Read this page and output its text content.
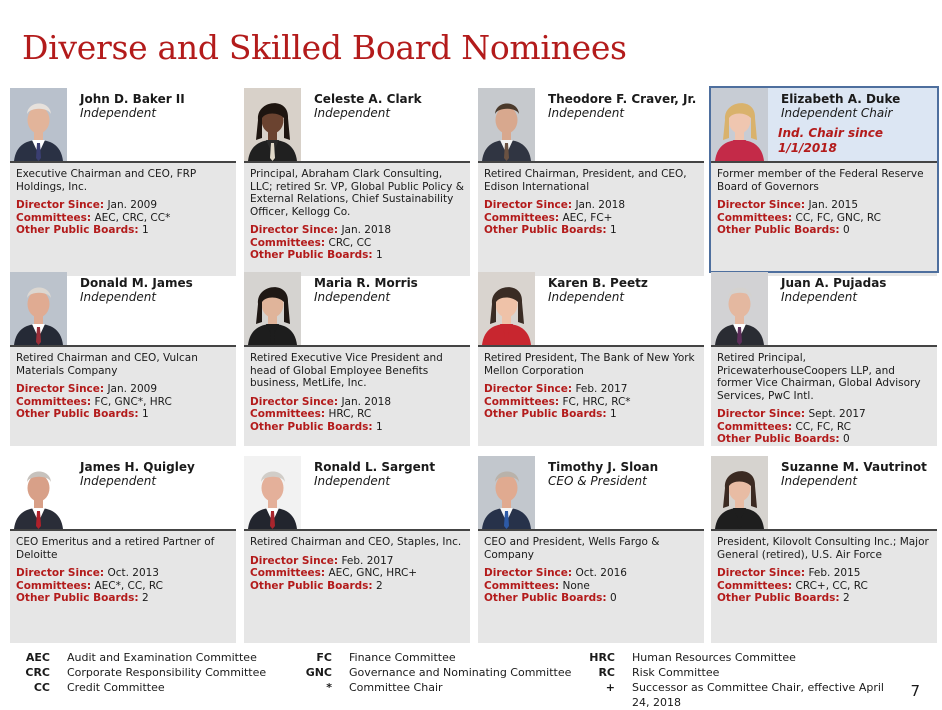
Diverse and Skilled Board Nominees
John D. Baker II
Independent
Executive Chairman and CEO, FRP Holdings, Inc.
Director Since: Jan. 2009
Committees: AEC, CRC, CC*
Other Public Boards: 1
Celeste A. Clark
Independent
Principal, Abraham Clark Consulting, LLC; retired Sr. VP, Global Public Policy & External Relations, Chief Sustainability Officer, Kellogg Co.
Director Since: Jan. 2018
Committees: CRC, CC
Other Public Boards: 1
Theodore F. Craver, Jr.
Independent
Retired Chairman, President, and CEO, Edison International
Director Since: Jan. 2018
Committees: AEC, FC+
Other Public Boards: 1
Elizabeth A. Duke
Independent Chair
Ind. Chair since 1/1/2018
Former member of the Federal Reserve Board of Governors
Director Since: Jan. 2015
Committees: CC, FC, GNC, RC
Other Public Boards: 0
Donald M. James
Independent
Retired Chairman and CEO, Vulcan Materials Company
Director Since: Jan. 2009
Committees: FC, GNC*, HRC
Other Public Boards: 1
Maria R. Morris
Independent
Retired Executive Vice President and head of Global Employee Benefits business, MetLife, Inc.
Director Since: Jan. 2018
Committees: HRC, RC
Other Public Boards: 1
Karen B. Peetz
Independent
Retired President, The Bank of New York Mellon Corporation
Director Since: Feb. 2017
Committees: FC, HRC, RC*
Other Public Boards: 1
Juan A. Pujadas
Independent
Retired Principal, PricewaterhouseCoopers LLP, and former Vice Chairman, Global Advisory Services, PwC Intl.
Director Since: Sept. 2017
Committees: CC, FC, RC
Other Public Boards: 0
James H. Quigley
Independent
CEO Emeritus and a retired Partner of Deloitte
Director Since: Oct. 2013
Committees: AEC*, CC, RC
Other Public Boards: 2
Ronald L. Sargent
Independent
Retired Chairman and CEO, Staples, Inc.
Director Since: Feb. 2017
Committees: AEC, GNC, HRC+
Other Public Boards: 2
Timothy J. Sloan
CEO & President
CEO and President, Wells Fargo & Company
Director Since: Oct. 2016
Committees: None
Other Public Boards: 0
Suzanne M. Vautrinot
Independent
President, Kilovolt Consulting Inc.; Major General (retired), U.S. Air Force
Director Since: Feb. 2015
Committees: CRC+, CC, RC
Other Public Boards: 2
AEC Audit and Examination Committee
CRC Corporate Responsibility Committee
CC Credit Committee
FC Finance Committee
GNC Governance and Nominating Committee
* Committee Chair
HRC Human Resources Committee
RC Risk Committee
+ Successor as Committee Chair, effective April 24, 2018
7
